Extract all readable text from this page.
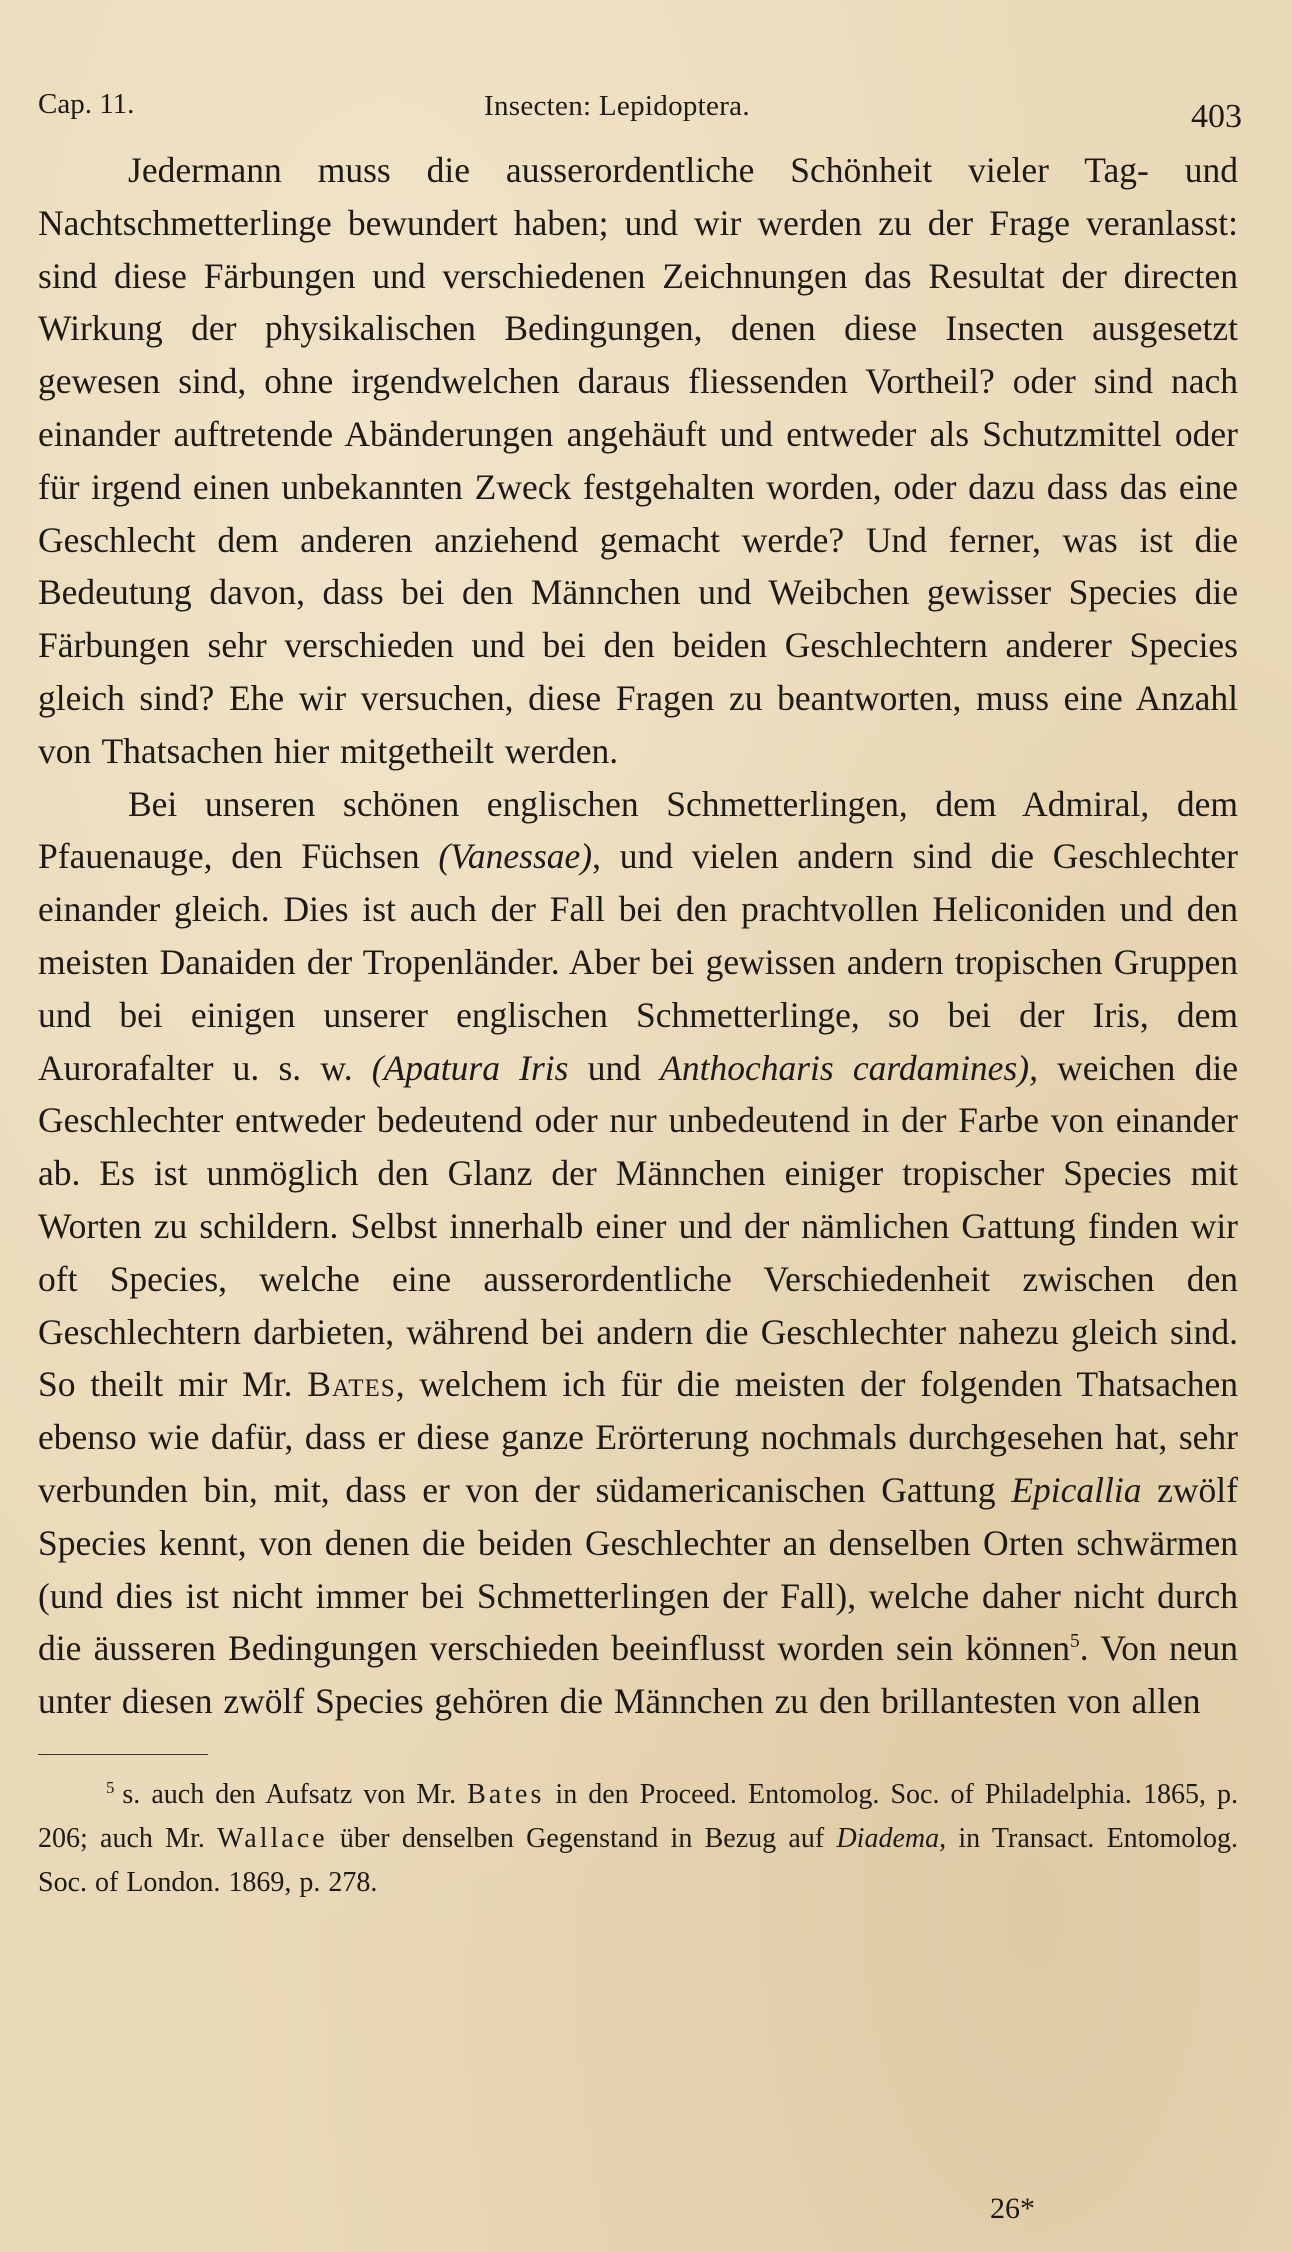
Cap. 11.	Insecten: Lepidoptera.	403

Jedermann muss die ausserordentliche Schönheit vieler Tag- und Nachtschmetterlinge bewundert haben; und wir werden zu der Frage veranlasst: sind diese Färbungen und verschiedenen Zeichnungen das Resultat der directen Wirkung der physikalischen Bedingungen, denen diese Insecten ausgesetzt gewesen sind, ohne irgendwelchen daraus fliessenden Vortheil? oder sind nach einander auftretende Abänderungen angehäuft und entweder als Schutzmittel oder für irgend einen unbekannten Zweck festgehalten worden, oder dazu dass das eine Geschlecht dem anderen anziehend gemacht werde? Und ferner, was ist die Bedeutung davon, dass bei den Männchen und Weibchen gewisser Species die Färbungen sehr verschieden und bei den beiden Geschlechtern anderer Species gleich sind? Ehe wir versuchen, diese Fragen zu beantworten, muss eine Anzahl von Thatsachen hier mitgetheilt werden.

Bei unseren schönen englischen Schmetterlingen, dem Admiral, dem Pfauenauge, den Füchsen (Vanessae), und vielen andern sind die Geschlechter einander gleich. Dies ist auch der Fall bei den prachtvollen Heliconiden und den meisten Danaiden der Tropenländer. Aber bei gewissen andern tropischen Gruppen und bei einigen unserer englischen Schmetterlinge, so bei der Iris, dem Aurorafalter u. s. w. (Apatura Iris und Anthocharis cardamines), weichen die Geschlechter entweder bedeutend oder nur unbedeutend in der Farbe von einander ab. Es ist unmöglich den Glanz der Männchen einiger tropischer Species mit Worten zu schildern. Selbst innerhalb einer und der nämlichen Gattung finden wir oft Species, welche eine ausserordentliche Verschiedenheit zwischen den Geschlechtern darbieten, während bei andern die Geschlechter nahezu gleich sind. So theilt mir Mr. Bates, welchem ich für die meisten der folgenden Thatsachen ebenso wie dafür, dass er diese ganze Erörterung nochmals durchgesehen hat, sehr verbunden bin, mit, dass er von der südamericanischen Gattung Epicallia zwölf Species kennt, von denen die beiden Geschlechter an denselben Orten schwärmen (und dies ist nicht immer bei Schmetterlingen der Fall), welche daher nicht durch die äusseren Bedingungen verschieden beeinflusst worden sein können$^5$. Von neun unter diesen zwölf Species gehören die Männchen zu den brillantesten von allen

$^5$ s. auch den Aufsatz von Mr. Bates in den Proceed. Entomolog. Soc. of Philadelphia. 1865, p. 206; auch Mr. Wallace über denselben Gegenstand in Bezug auf Diadema, in Transact. Entomolog. Soc. of London. 1869, p. 278.

26*
